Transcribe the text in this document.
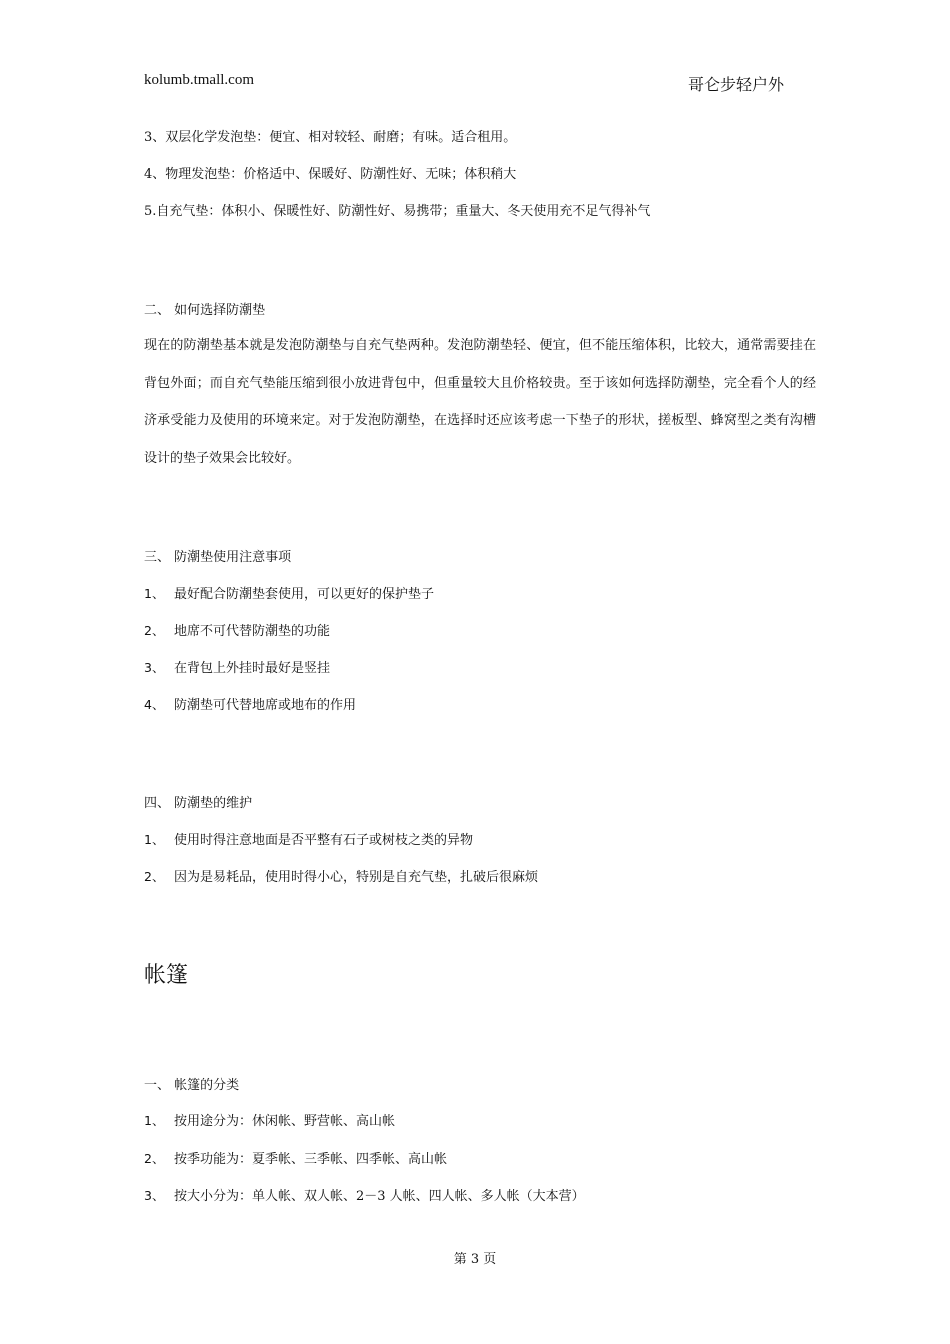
kolumb.tmall.com	哥仑步轻户外
3、双层化学发泡垫：便宜、相对较轻、耐磨；有味。适合租用。
4、物理发泡垫：价格适中、保暖好、防潮性好、无味；体积稍大
5.自充气垫：体积小、保暖性好、防潮性好、易携带；重量大、冬天使用充不足气得补气
二、 如何选择防潮垫
现在的防潮垫基本就是发泡防潮垫与自充气垫两种。发泡防潮垫轻、便宜，但不能压缩体积，比较大，通常需要挂在背包外面；而自充气垫能压缩到很小放进背包中，但重量较大且价格较贵。至于该如何选择防潮垫，完全看个人的经济承受能力及使用的环境来定。对于发泡防潮垫，在选择时还应该考虑一下垫子的形状，搓板型、蜂窝型之类有沟槽设计的垫子效果会比较好。
三、 防潮垫使用注意事项
1、 最好配合防潮垫套使用，可以更好的保护垫子
2、 地席不可代替防潮垫的功能
3、 在背包上外挂时最好是竖挂
4、 防潮垫可代替地席或地布的作用
四、 防潮垫的维护
1、 使用时得注意地面是否平整有石子或树枝之类的异物
2、 因为是易耗品，使用时得小心，特别是自充气垫，扎破后很麻烦
帐篷
一、 帐篷的分类
1、 按用途分为：休闲帐、野营帐、高山帐
2、 按季功能为：夏季帐、三季帐、四季帐、高山帐
3、 按大小分为：单人帐、双人帐、2－3 人帐、四人帐、多人帐（大本营）
第 3 页
